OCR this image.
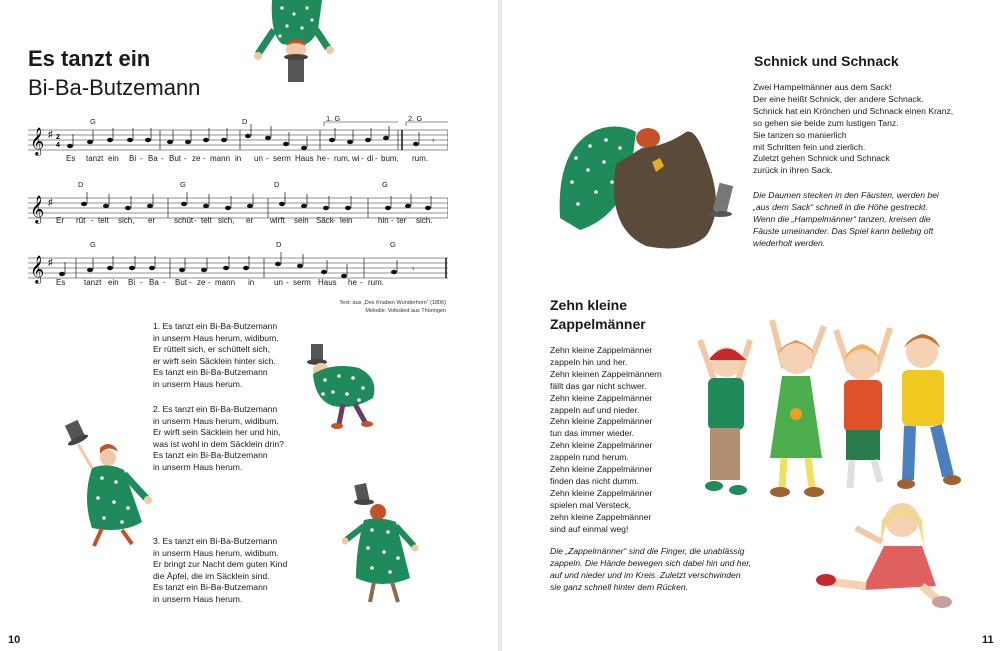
Es tanzt ein
Bi-Ba-Butzemann
𝄞 ♯ 2
4	𝄾
G	D	1. G	2. G
Es tanzt ein Bi - Ba - But - ze - mann in un - serm Haus he - rum, wi - di - bum, rum.
𝄞 ♯
D	G	D	G
Er rüt - telt sich, er schüt - telt sich, er wirft sein Säck - lein	hin - ter sich.
𝄞 ♯
𝄾
G	D	G
Es tanzt ein Bi - Ba - But - ze - mann in un - serm Haus he - rum.
Text: aus „Des Knaben Wunderhorn“ (1806)
Melodie: Volkslied aus Thüringen
1. Es tanzt ein Bi-Ba-Butzemann
in unserm Haus herum, widibum.
Er rüttelt sich, er schüttelt sich,
er wirft sein Säcklein hinter sich.
Es tanzt ein Bi-Ba-Butzemann
in unserm Haus herum.
2. Es tanzt ein Bi-Ba-Butzemann
in unserm Haus herum, widibum.
Er wirft sein Säcklein her und hin,
was ist wohl in dem Säcklein drin?
Es tanzt ein Bi-Ba-Butzemann
in unserm Haus herum.
3. Es tanzt ein Bi-Ba-Butzemann
in unserm Haus herum, widibum.
Er bringt zur Nacht dem guten Kind
die Äpfel, die im Säcklein sind.
Es tanzt ein Bi-Ba-Butzemann
in unserm Haus herum.
10
Schnick und Schnack
Zwei Hampelmänner aus dem Sack!
Der eine heißt Schnick, der andere Schnack.
Schnick hat ein Krönchen und Schnack einen Kranz,
so gehen sie beide zum lustigen Tanz.
Sie tanzen so manierlich
mit Schritten fein und zierlich.
Zuletzt gehen Schnick und Schnack
zurück in ihren Sack.
Die Daumen stecken in den Fäusten, werden bei
„aus dem Sack“ schnell in die Höhe gestreckt.
Wenn die „Hampelmänner“ tanzen, kreisen die
Fäuste umeinander. Das Spiel kann beliebig oft
wiederholt werden.
Zehn kleine
Zappelmänner
Zehn kleine Zappelmänner
zappeln hin und her.
Zehn kleinen Zappelmännern
fällt das gar nicht schwer.
Zehn kleine Zappelmänner
zappeln auf und nieder.
Zehn kleine Zappelmänner
tun das immer wieder.
Zehn kleine Zappelmänner
zappeln rund herum.
Zehn kleine Zappelmänner
finden das nicht dumm.
Zehn kleine Zappelmänner
spielen mal Versteck,
zehn kleine Zappelmänner
sind auf einmal weg!
Die „Zappelmänner“ sind die Finger, die unablässig
zappeln. Die Hände bewegen sich dabei hin und her,
auf und nieder und im Kreis. Zuletzt verschwinden
sie ganz schnell hinter dem Rücken.
11
